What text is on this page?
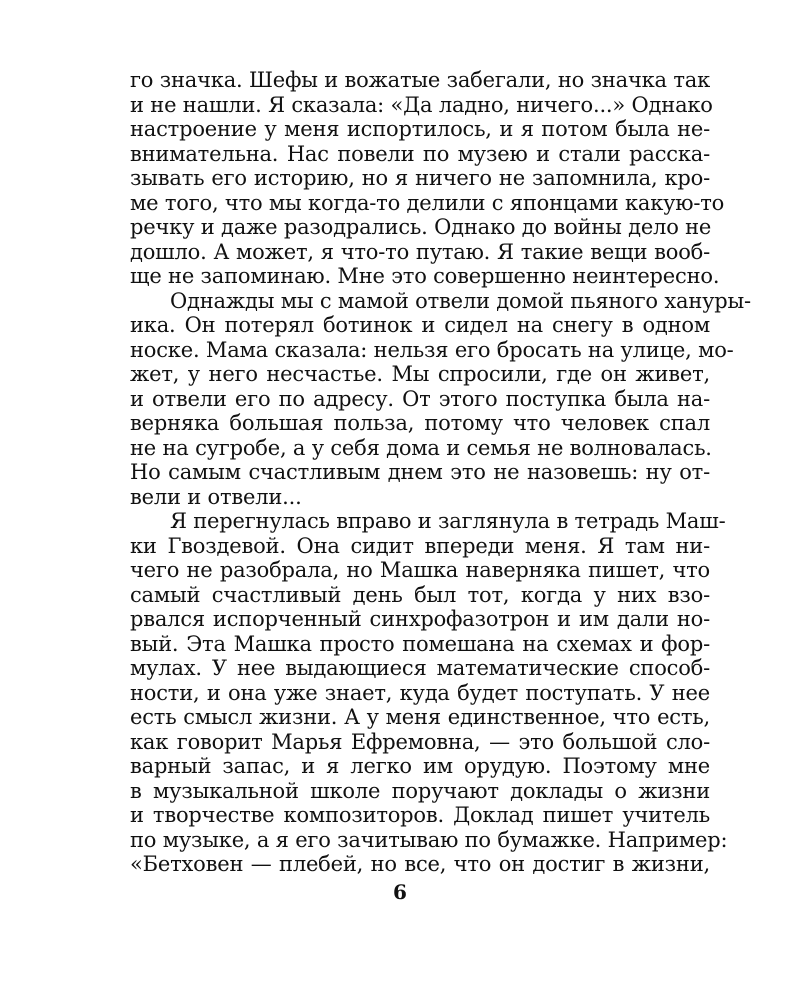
го значка. Шефы и вожатые забегали, но значка так
и не нашли. Я сказала: «Да ладно, ничего...» Однако
настроение у меня испортилось, и я потом была не-
внимательна. Нас повели по музею и стали расска-
зывать его историю, но я ничего не запомнила, кро-
ме того, что мы когда-то делили с японцами какую-то
речку и даже разодрались. Однако до войны дело не
дошло. А может, я что-то путаю. Я такие вещи вооб-
ще не запоминаю. Мне это совершенно неинтересно.

Однажды мы с мамой отвели домой пьяного хануры-
ика. Он потерял ботинок и сидел на снегу в одном
носке. Мама сказала: нельзя его бросать на улице, мо-
жет, у него несчастье. Мы спросили, где он живет,
и отвели его по адресу. От этого поступка была на-
верняка большая польза, потому что человек спал
не на сугробе, а у себя дома и семья не волновалась.
Но самым счастливым днем это не назовешь: ну от-
вели и отвели...

Я перегнулась вправо и заглянула в тетрадь Маш-
ки Гвоздевой. Она сидит впереди меня. Я там ни-
чего не разобрала, но Машка наверняка пишет, что
самый счастливый день был тот, когда у них взо-
рвался испорченный синхрофазотрон и им дали но-
вый. Эта Машка просто помешана на схемах и фор-
мулах. У нее выдающиеся математические способ-
ности, и она уже знает, куда будет поступать. У нее
есть смысл жизни. А у меня единственное, что есть,
как говорит Марья Ефремовна, — это большой сло-
варный запас, и я легко им орудую. Поэтому мне
в музыкальной школе поручают доклады о жизни
и творчестве композиторов. Доклад пишет учитель
по музыке, а я его зачитываю по бумажке. Например:
«Бетховен — плебей, но все, что он достиг в жизни,

6
